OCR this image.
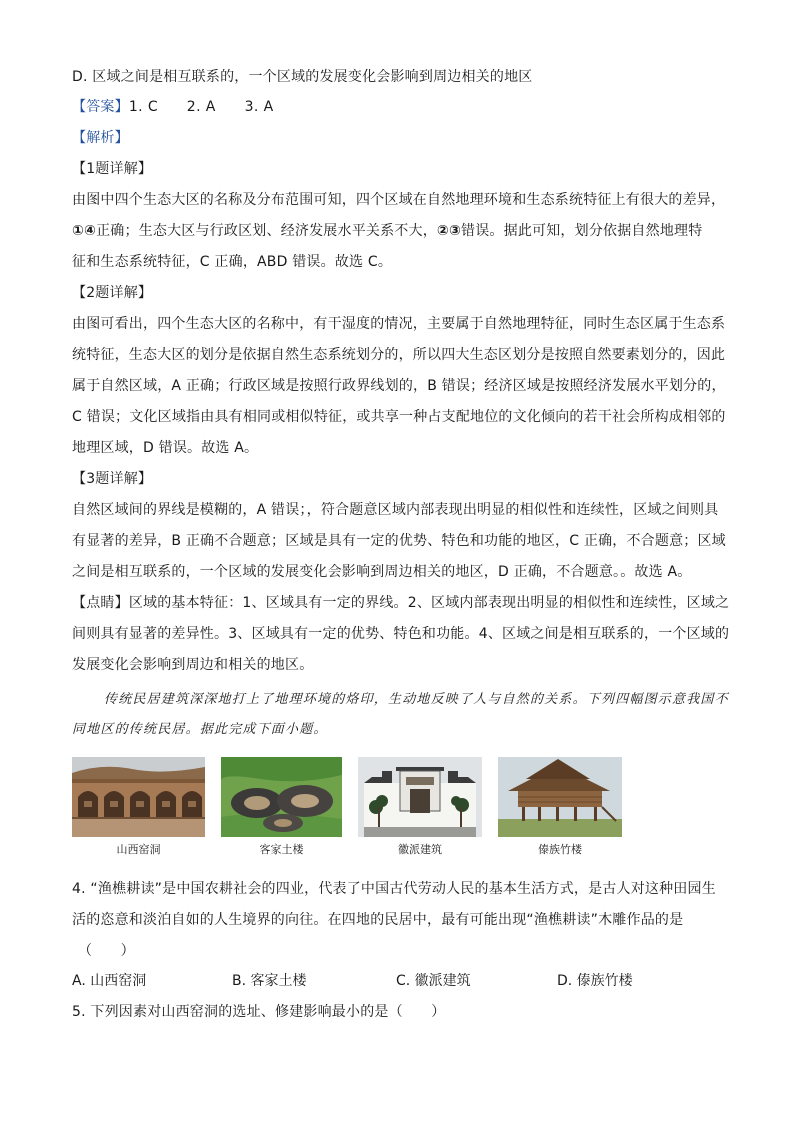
D. 区域之间是相互联系的，一个区域的发展变化会影响到周边相关的地区
【答案】1. C　　2. A　　3. A
【解析】
【1题详解】
由图中四个生态大区的名称及分布范围可知，四个区域在自然地理环境和生态系统特征上有很大的差异，
①④正确；生态大区与行政区划、经济发展水平关系不大，②③错误。据此可知，划分依据自然地理特
征和生态系统特征，C 正确，ABD 错误。故选 C。
【2题详解】
由图可看出，四个生态大区的名称中，有干湿度的情况，主要属于自然地理特征，同时生态区属于生态系
统特征，生态大区的划分是依据自然生态系统划分的，所以四大生态区划分是按照自然要素划分的，因此
属于自然区域，A 正确；行政区域是按照行政界线划的，B 错误；经济区域是按照经济发展水平划分的，
C 错误；文化区域指由具有相同或相似特征，或共享一种占支配地位的文化倾向的若干社会所构成相邻的
地理区域，D 错误。故选 A。
【3题详解】
自然区域间的界线是模糊的，A 错误；，符合题意区域内部表现出明显的相似性和连续性，区域之间则具
有显著的差异，B 正确不合题意；区域是具有一定的优势、特色和功能的地区，C 正确，不合题意；区域
之间是相互联系的，一个区域的发展变化会影响到周边相关的地区，D 正确，不合题意。。故选 A。
【点睛】区域的基本特征：1、区域具有一定的界线。2、区域内部表现出明显的相似性和连续性，区域之
间则具有显著的差异性。3、区域具有一定的优势、特色和功能。4、区域之间是相互联系的，一个区域的
发展变化会影响到周边和相关的地区。
传统民居建筑深深地打上了地理环境的烙印，生动地反映了人与自然的关系。下列四幅图示意我国不
同地区的传统民居。据此完成下面小题。
山西窑洞	客家土楼	徽派建筑	傣族竹楼
4. “渔樵耕读”是中国农耕社会的四业，代表了中国古代劳动人民的基本生活方式，是古人对这种田园生
活的恣意和淡泊自如的人生境界的向往。在四地的民居中，最有可能出现“渔樵耕读”木雕作品的是
（　　）
A. 山西窑洞	B. 客家土楼	C. 徽派建筑	D. 傣族竹楼
5. 下列因素对山西窑洞的选址、修建影响最小的是（　　）
